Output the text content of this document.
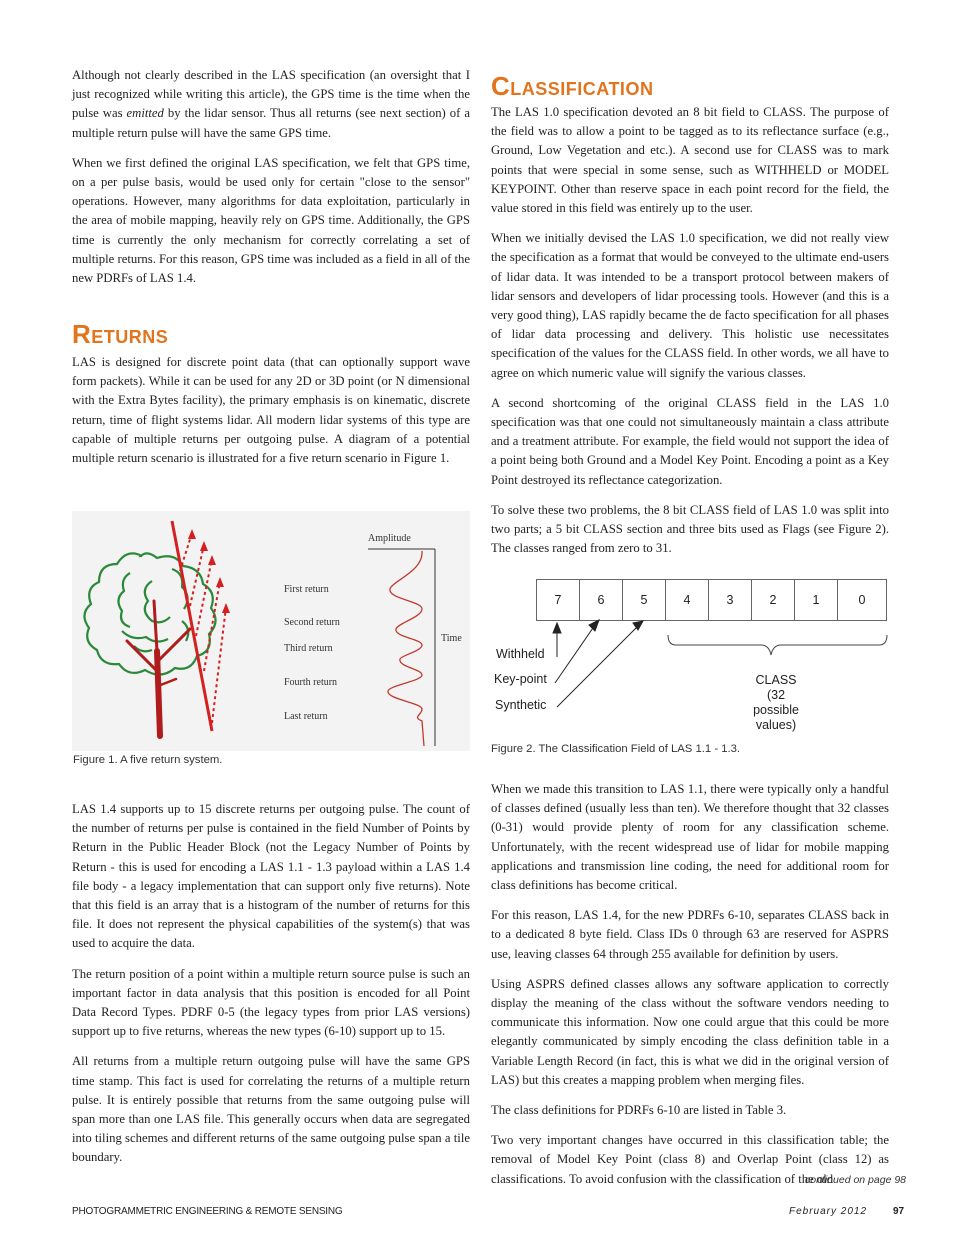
Although not clearly described in the LAS specification (an oversight that I just recognized while writing this article), the GPS time is the time when the pulse was emitted by the lidar sensor. Thus all returns (see next section) of a multiple return pulse will have the same GPS time.

When we first defined the original LAS specification, we felt that GPS time, on a per pulse basis, would be used only for certain "close to the sensor" operations. However, many algorithms for data exploitation, particularly in the area of mobile mapping, heavily rely on GPS time. Additionally, the GPS time is currently the only mechanism for correctly correlating a set of multiple returns. For this reason, GPS time was included as a field in all of the new PDRFs of LAS 1.4.

Returns

LAS is designed for discrete point data (that can optionally support wave form packets). While it can be used for any 2D or 3D point (or N dimensional with the Extra Bytes facility), the primary emphasis is on kinematic, discrete return, time of flight systems lidar. All modern lidar systems of this type are capable of multiple returns per outgoing pulse. A diagram of a potential multiple return scenario is illustrated for a five return scenario in Figure 1.

Amplitude
Time
First return
Second return
Third return
Fourth return
Last return
Figure 1. A five return system.

LAS 1.4 supports up to 15 discrete returns per outgoing pulse. The count of the number of returns per pulse is contained in the field Number of Points by Return in the Public Header Block (not the Legacy Number of Points by Return - this is used for encoding a LAS 1.1 - 1.3 payload within a LAS 1.4 file body - a legacy implementation that can support only five returns). Note that this field is an array that is a histogram of the number of returns for this file. It does not represent the physical capabilities of the system(s) that was used to acquire the data.

The return position of a point within a multiple return source pulse is such an important factor in data analysis that this position is encoded for all Point Data Record Types. PDRF 0-5 (the legacy types from prior LAS versions) support up to five returns, whereas the new types (6-10) support up to 15.

All returns from a multiple return outgoing pulse will have the same GPS time stamp. This fact is used for correlating the returns of a multiple return pulse. It is entirely possible that returns from the same outgoing pulse will span more than one LAS file. This generally occurs when data are segregated into tiling schemes and different returns of the same outgoing pulse span a tile boundary.

Classification

The LAS 1.0 specification devoted an 8 bit field to CLASS. The purpose of the field was to allow a point to be tagged as to its reflectance surface (e.g., Ground, Low Vegetation and etc.). A second use for CLASS was to mark points that were special in some sense, such as WITHHELD or MODEL KEYPOINT. Other than reserve space in each point record for the field, the value stored in this field was entirely up to the user.

When we initially devised the LAS 1.0 specification, we did not really view the specification as a format that would be conveyed to the ultimate end-users of lidar data. It was intended to be a transport protocol between makers of lidar sensors and developers of lidar processing tools. However (and this is a very good thing), LAS rapidly became the de facto specification for all phases of lidar data processing and delivery. This holistic use necessitates specification of the values for the CLASS field. In other words, we all have to agree on which numeric value will signify the various classes.

A second shortcoming of the original CLASS field in the LAS 1.0 specification was that one could not simultaneously maintain a class attribute and a treatment attribute. For example, the field would not support the idea of a point being both Ground and a Model Key Point. Encoding a point as a Key Point destroyed its reflectance categorization.

To solve these two problems, the 8 bit CLASS field of LAS 1.0 was split into two parts; a 5 bit CLASS section and three bits used as Flags (see Figure 2). The classes ranged from zero to 31.

7	6	5	4	3	2	1	0
Withheld
Key-point
Synthetic
CLASS
(32
possible
values)
Figure 2. The Classification Field of LAS 1.1 - 1.3.

When we made this transition to LAS 1.1, there were typically only a handful of classes defined (usually less than ten). We therefore thought that 32 classes (0-31) would provide plenty of room for any classification scheme. Unfortunately, with the recent widespread use of lidar for mobile mapping applications and transmission line coding, the need for additional room for class definitions has become critical.

For this reason, LAS 1.4, for the new PDRFs 6-10, separates CLASS back in to a dedicated 8 byte field. Class IDs 0 through 63 are reserved for ASPRS use, leaving classes 64 through 255 available for definition by users.

Using ASPRS defined classes allows any software application to correctly display the meaning of the class without the software vendors needing to communicate this information. Now one could argue that this could be more elegantly communicated by simply encoding the class definition table in a Variable Length Record (in fact, this is what we did in the original version of LAS) but this creates a mapping problem when merging files.

The class definitions for PDRFs 6-10 are listed in Table 3.

Two very important changes have occurred in this classification table; the removal of Model Key Point (class 8) and Overlap Point (class 12) as classifications. To avoid confusion with the classification of the old

continued on page 98
PHOTOGRAMMETRIC ENGINEERING & REMOTE SENSING	February 2012	97
